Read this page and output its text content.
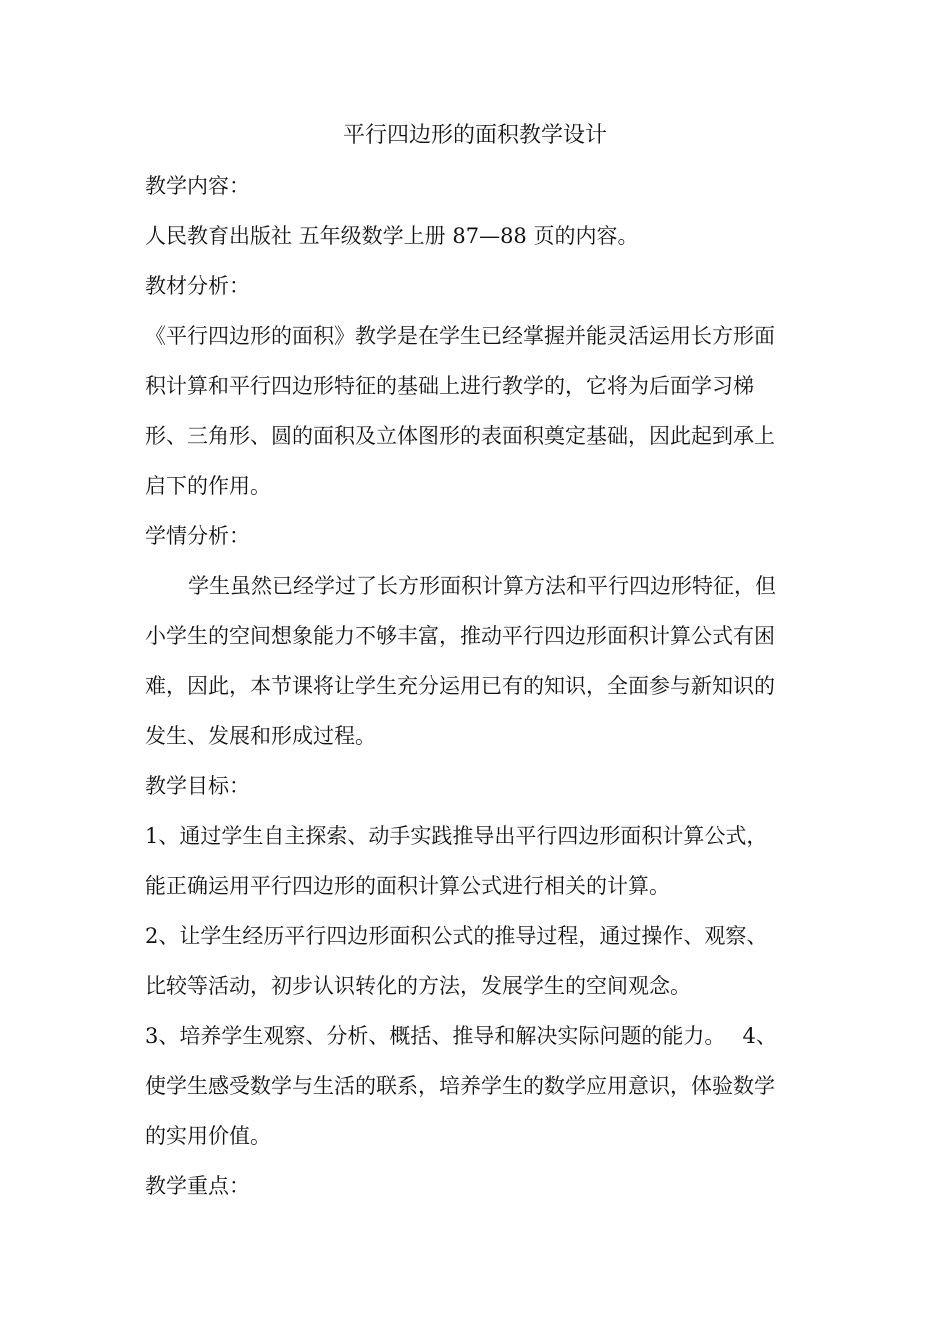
平行四边形的面积教学设计

教学内容：

人民教育出版社 五年级数学上册 87—88 页的内容。

教材分析：

《平行四边形的面积》教学是在学生已经掌握并能灵活运用长方形面

积计算和平行四边形特征的基础上进行教学的，它将为后面学习梯

形、三角形、圆的面积及立体图形的表面积奠定基础，因此起到承上

启下的作用。

学情分析：

学生虽然已经学过了长方形面积计算方法和平行四边形特征，但

小学生的空间想象能力不够丰富，推动平行四边形面积计算公式有困

难，因此，本节课将让学生充分运用已有的知识，全面参与新知识的

发生、发展和形成过程。

教学目标：

1、通过学生自主探索、动手实践推导出平行四边形面积计算公式，

能正确运用平行四边形的面积计算公式进行相关的计算。

2、让学生经历平行四边形面积公式的推导过程，通过操作、观察、

比较等活动，初步认识转化的方法，发展学生的空间观念。

3、培养学生观察、分析、概括、推导和解决实际问题的能力。　 4、

使学生感受数学与生活的联系，培养学生的数学应用意识，体验数学

的实用价值。

教学重点：
